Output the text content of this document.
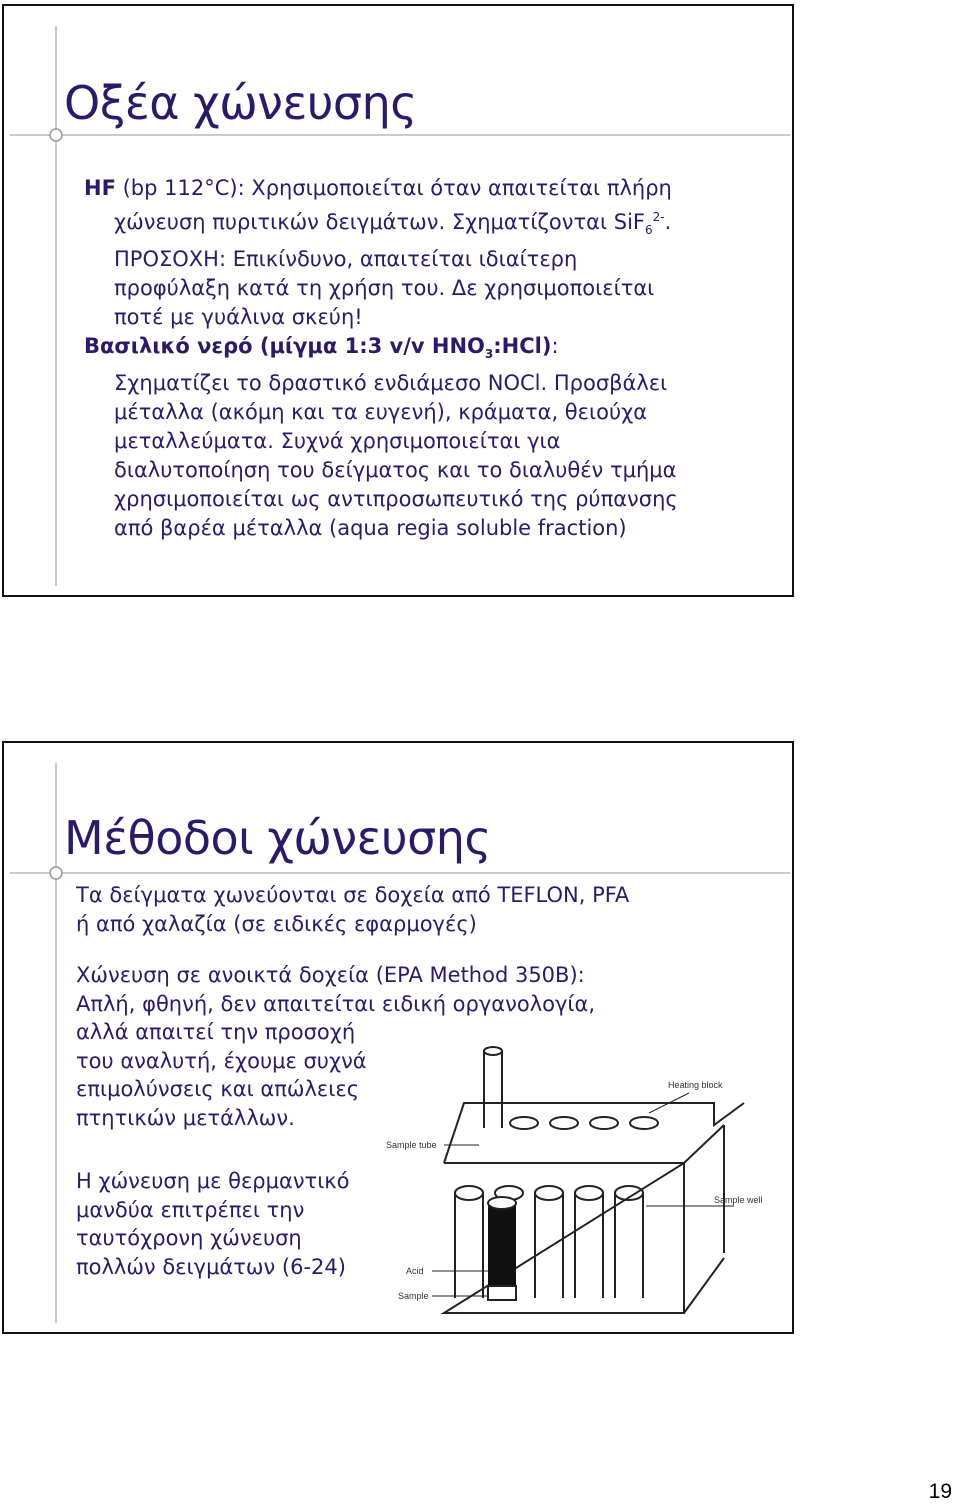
Οξέα χώνευσης
HF (bp 112°C): Χρησιμοποιείται όταν απαιτείται πλήρη
χώνευση πυριτικών δειγμάτων. Σχηματίζονται SiF$_6^{2-}$.
ΠΡΟΣΟΧΗ: Επικίνδυνο, απαιτείται ιδιαίτερη
προφύλαξη κατά τη χρήση του. Δε χρησιμοποιείται
ποτέ με γυάλινα σκεύη!
Βασιλικό νερό (μίγμα 1:3 v/v $HNO_3:HCl$):
Σχηματίζει το δραστικό ενδιάμεσο NOCl. Προσβάλει
μέταλλα (ακόμη και τα ευγενή), κράματα, θειούχα
μεταλλεύματα. Συχνά χρησιμοποιείται για
διαλυτοποίηση του δείγματος και το διαλυθέν τμήμα
χρησιμοποιείται ως αντιπροσωπευτικό της ρύπανσης
από βαρέα μέταλλα (aqua regia soluble fraction)
Μέθοδοι χώνευσης
Τα δείγματα χωνεύονται σε δοχεία από TEFLON, PFA
ή από χαλαζία (σε ειδικές εφαρμογές)
Χώνευση σε ανοικτά δοχεία (EPA Method 350B):
Απλή, φθηνή, δεν απαιτείται ειδική οργανολογία,
αλλά απαιτεί την προσοχή
του αναλυτή, έχουμε συχνά
επιμολύνσεις και απώλειες
πτητικών μετάλλων.
Η χώνευση με θερμαντικό
μανδύα επιτρέπει την
ταυτόχρονη χώνευση
πολλών δειγμάτων (6-24)
Sample tube
Heating block
Sample well
Acid
Sample
19
